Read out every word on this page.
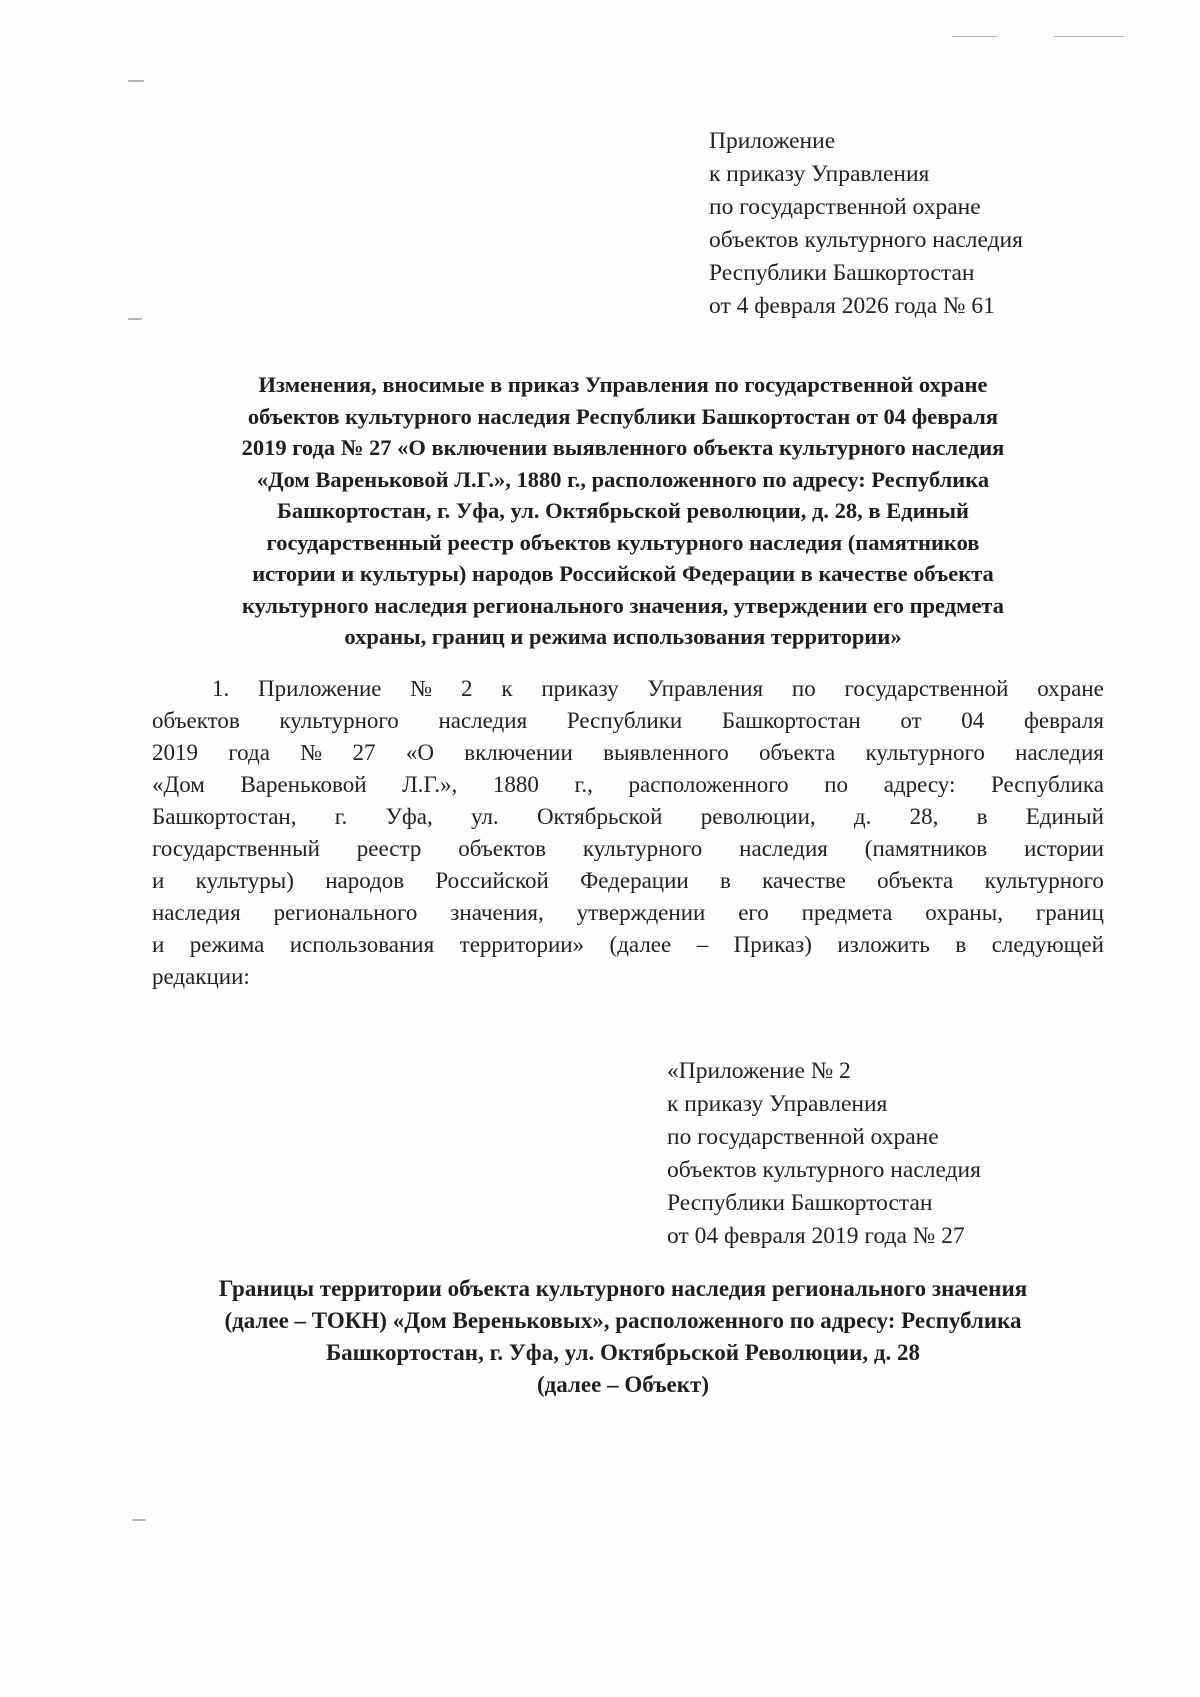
Приложение
к приказу Управления
по государственной охране
объектов культурного наследия
Республики Башкортостан
от 4 февраля 2026 года № 61
Изменения, вносимые в приказ Управления по государственной охране
объектов культурного наследия Республики Башкортостан от 04 февраля
2019 года № 27 «О включении выявленного объекта культурного наследия
«Дом Вареньковой Л.Г.», 1880 г., расположенного по адресу: Республика
Башкортостан, г. Уфа, ул. Октябрьской революции, д. 28, в Единый
государственный реестр объектов культурного наследия (памятников
истории и культуры) народов Российской Федерации в качестве объекта
культурного наследия регионального значения, утверждении его предмета
охраны, границ и режима использования территории»
1. Приложение № 2 к приказу Управления по государственной охране
объектов культурного наследия Республики Башкортостан от 04 февраля
2019 года № 27 «О включении выявленного объекта культурного наследия
«Дом Вареньковой Л.Г.», 1880 г., расположенного по адресу: Республика
Башкортостан, г. Уфа, ул. Октябрьской революции, д. 28, в Единый
государственный реестр объектов культурного наследия (памятников истории
и культуры) народов Российской Федерации в качестве объекта культурного
наследия регионального значения, утверждении его предмета охраны, границ
и режима использования территории» (далее – Приказ) изложить в следующей
редакции:
«Приложение № 2
к приказу Управления
по государственной охране
объектов культурного наследия
Республики Башкортостан
от 04 февраля 2019 года № 27
Границы территории объекта культурного наследия регионального значения
(далее – ТОКН) «Дом Вереньковых», расположенного по адресу: Республика
Башкортостан, г. Уфа, ул. Октябрьской Революции, д. 28
(далее – Объект)
